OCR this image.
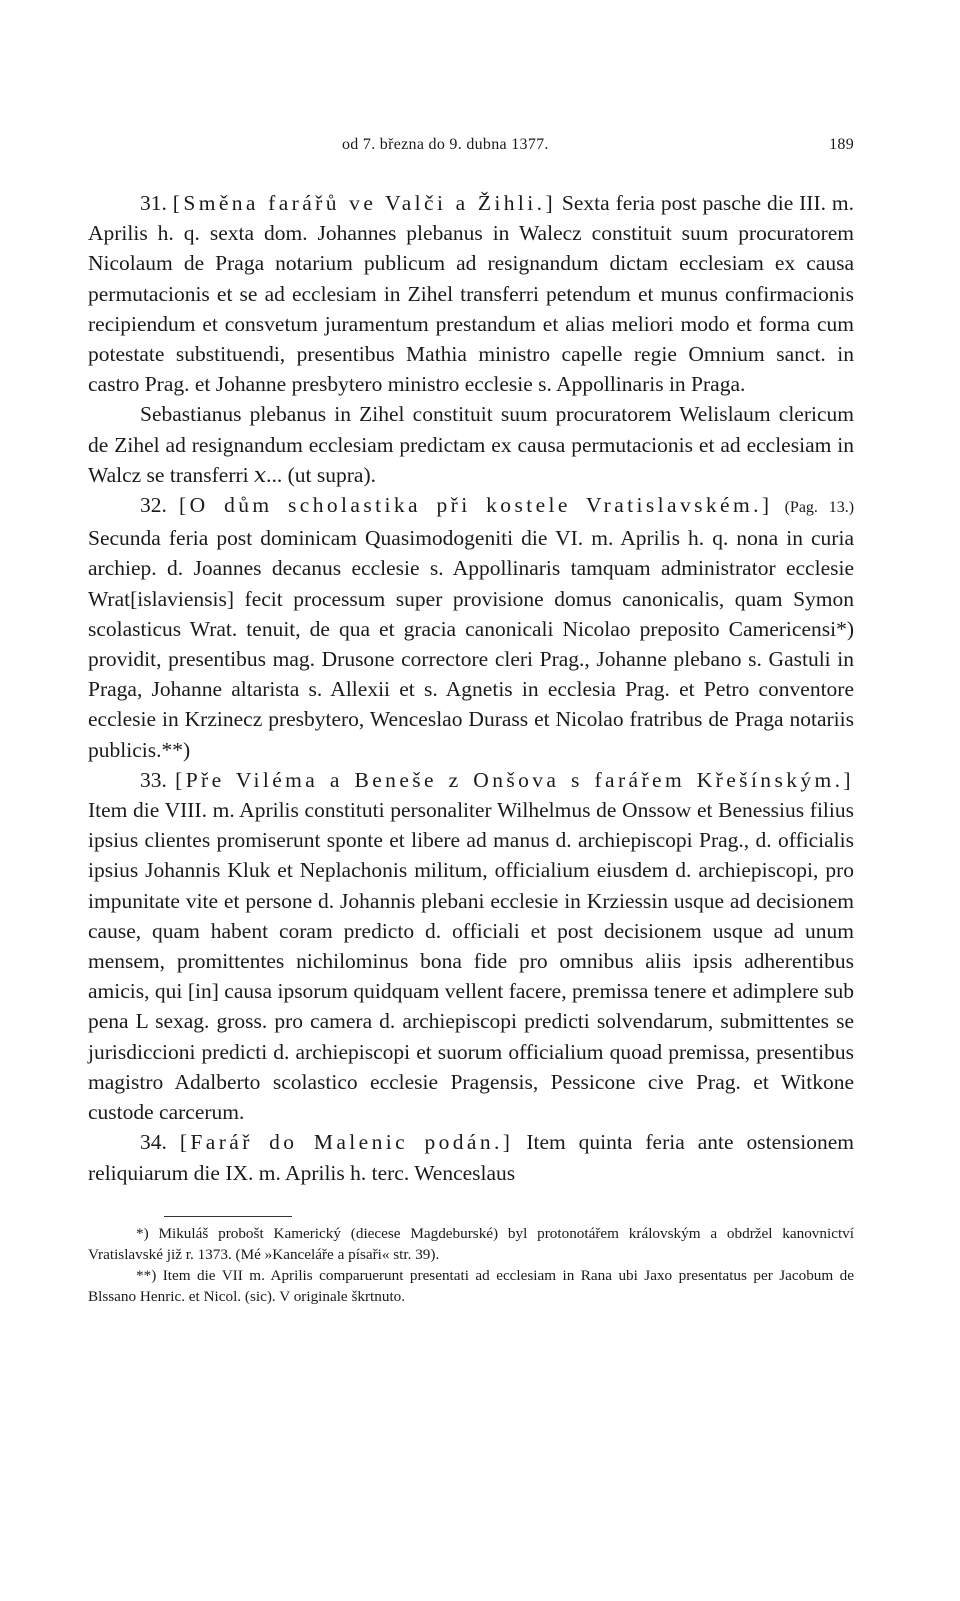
od 7. března do 9. dubna 1377.	189

31. [Směna farářů ve Valči a Žihli.] Sexta feria post pasche die III. m. Aprilis h. q. sexta dom. Johannes plebanus in Walecz constituit suum procuratorem Nicolaum de Praga notarium publicum ad resignandum dictam ecclesiam ex causa permutacionis et se ad ecclesiam in Zihel transferri petendum et munus confirmacionis recipiendum et consvetum juramentum prestandum et alias meliori modo et forma cum potestate substituendi, presentibus Mathia ministro capelle regie Omnium sanct. in castro Prag. et Johanne presbytero ministro ecclesie s. Appollinaris in Praga.

Sebastianus plebanus in Zihel constituit suum procuratorem Welislaum clericum de Zihel ad resignandum ecclesiam predictam ex causa permutacionis et ad ecclesiam in Walcz se transferri 𝑥... (ut supra).

32. [O dům scholastika při kostele Vratislavském.] (Pag. 13.) Secunda feria post dominicam Quasimodogeniti die VI. m. Aprilis h. q. nona in curia archiep. d. Joannes decanus ecclesie s. Appollinaris tamquam administrator ecclesie Wrat[islaviensis] fecit processum super provisione domus canonicalis, quam Symon scolasticus Wrat. tenuit, de qua et gracia canonicali Nicolao preposito Camericensi*) providit, presentibus mag. Drusone correctore cleri Prag., Johanne plebano s. Gastuli in Praga, Johanne altarista s. Allexii et s. Agnetis in ecclesia Prag. et Petro conventore ecclesie in Krzinecz presbytero, Wenceslao Durass et Nicolao fratribus de Praga notariis publicis.**)

33. [Pře Viléma a Beneše z Onšova s farářem Křešínským.] Item die VIII. m. Aprilis constituti personaliter Wilhelmus de Onssow et Benessius filius ipsius clientes promiserunt sponte et libere ad manus d. archiepiscopi Prag., d. officialis ipsius Johannis Kluk et Neplachonis militum, officialium eiusdem d. archiepiscopi, pro impunitate vite et persone d. Johannis plebani ecclesie in Krziessin usque ad decisionem cause, quam habent coram predicto d. officiali et post decisionem usque ad unum mensem, promittentes nichilominus bona fide pro omnibus aliis ipsis adherentibus amicis, qui [in] causa ipsorum quidquam vellent facere, premissa tenere et adimplere sub pena L sexag. gross. pro camera d. archiepiscopi predicti solvendarum, submittentes se jurisdiccioni predicti d. archiepiscopi et suorum officialium quoad premissa, presentibus magistro Adalberto scolastico ecclesie Pragensis, Pessicone cive Prag. et Witkone custode carcerum.

34. [Farář do Malenic podán.] Item quinta feria ante ostensionem reliquiarum die IX. m. Aprilis h. terc. Wenceslaus

*) Mikuláš probošt Kamerický (diecese Magdeburské) byl protonotářem královským a obdržel kanovnictví Vratislavské již r. 1373. (Mé »Kanceláře a písaři« str. 39).

**) Item die VII m. Aprilis comparuerunt presentati ad ecclesiam in Rana ubi Jaxo presentatus per Jacobum de Blssano Henric. et Nicol. (sic). V originale škrtnuto.
